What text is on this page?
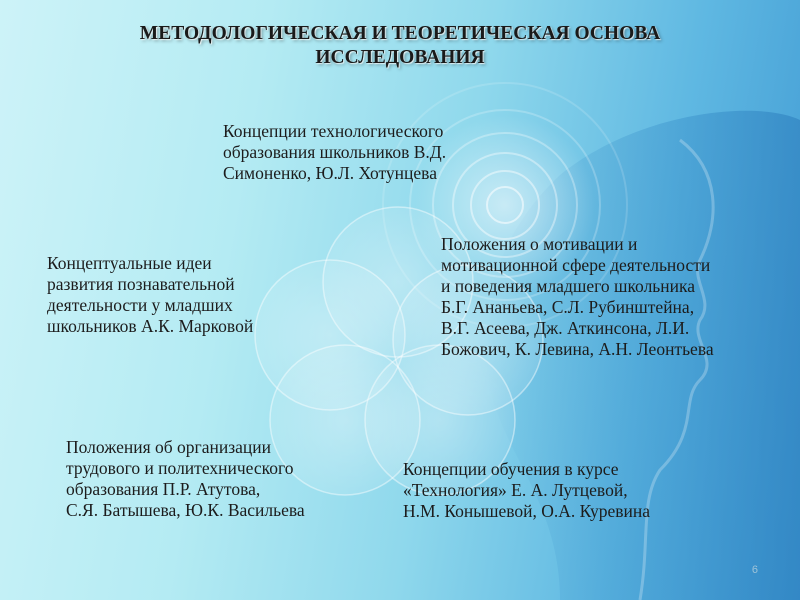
МЕТОДОЛОГИЧЕСКАЯ И ТЕОРЕТИЧЕСКАЯ ОСНОВА
ИССЛЕДОВАНИЯ
Концепции технологического
образования школьников В.Д.
Симоненко, Ю.Л. Хотунцева
Концептуальные идеи
развития познавательной
деятельности у младших
школьников А.К. Марковой
Положения о мотивации и
мотивационной сфере деятельности
и поведения младшего школьника
Б.Г. Ананьева, С.Л. Рубинштейна,
В.Г. Асеева, Дж. Аткинсона, Л.И.
Божович, К. Левина, А.Н. Леонтьева
Положения об организации
трудового и политехнического
образования П.Р. Атутова,
С.Я. Батышева, Ю.К. Васильева
Концепции обучения в курсе
«Технология» Е. А. Лутцевой,
Н.М. Конышевой, О.А. Куревина
6
